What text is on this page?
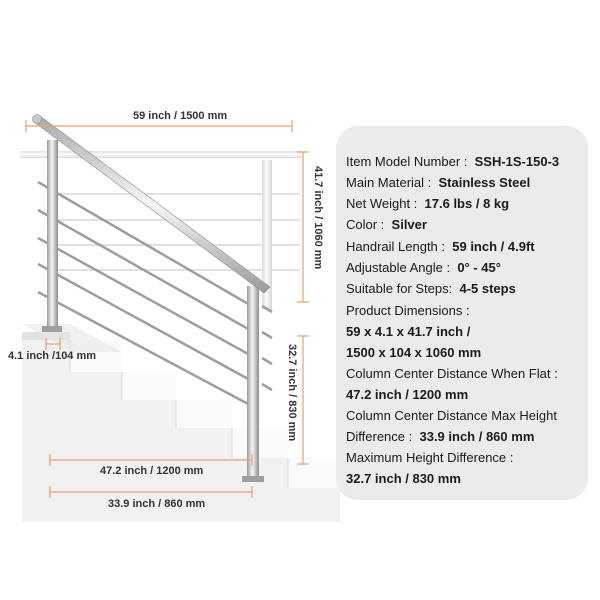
59 inch / 1500 mm
41.7 inch / 1060 mm
4.1 inch /104 mm	32.7 inch / 830 mm
47.2 inch / 1200 mm
33.9 inch / 860 mm
Item Model Number : SSH-1S-150-3
Main Material : Stainless Steel
Net Weight : 17.6 lbs / 8 kg
Color : Silver
Handrail Length : 59 inch / 4.9ft
Adjustable Angle : 0° - 45°
Suitable for Steps: 4-5 steps
Product Dimensions :
59 x 4.1 x 41.7 inch /
1500 x 104 x 1060 mm
Column Center Distance When Flat :
47.2 inch / 1200 mm
Column Center Distance Max Height
Difference : 33.9 inch / 860 mm
Maximum Height Difference :
32.7 inch / 830 mm
